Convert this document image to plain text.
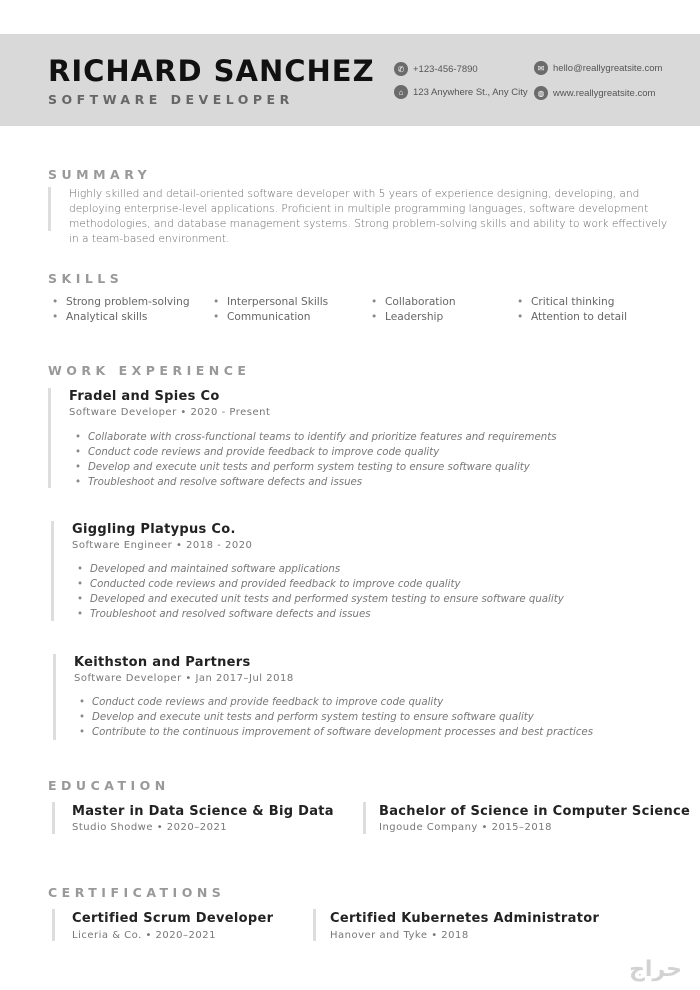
RICHARD SANCHEZ
SOFTWARE DEVELOPER
✆ +123-456-7890
⌂	123 Anywhere St., Any City
✉ hello@reallygreatsite.com
◍ www.reallygreatsite.com
SUMMARY
Highly skilled and detail-oriented software developer with 5 years of experience designing, developing, and deploying enterprise-level applications. Proficient in multiple programming languages, software development methodologies, and database management systems. Strong problem-solving skills and ability to work effectively in a team-based environment.
SKILLS
• Strong problem-solving
• Analytical skills
• Interpersonal Skills
• Communication
• Collaboration
• Leadership
• Critical thinking
• Attention to detail
WORK EXPERIENCE
Fradel and Spies Co
Software Developer • 2020 - Present
• Collaborate with cross-functional teams to identify and prioritize features and requirements
• Conduct code reviews and provide feedback to improve code quality
• Develop and execute unit tests and perform system testing to ensure software quality
• Troubleshoot and resolve software defects and issues
Giggling Platypus Co.
Software Engineer • 2018 - 2020
• Developed and maintained software applications
• Conducted code reviews and provided feedback to improve code quality
• Developed and executed unit tests and performed system testing to ensure software quality
• Troubleshoot and resolved software defects and issues
Keithston and Partners
Software Developer • Jan 2017–Jul 2018
• Conduct code reviews and provide feedback to improve code quality
• Develop and execute unit tests and perform system testing to ensure software quality
• Contribute to the continuous improvement of software development processes and best practices
EDUCATION
Master in Data Science & Big Data
Studio Shodwe • 2020–2021
Bachelor of Science in Computer Science
Ingoude Company • 2015–2018
CERTIFICATIONS
Certified Scrum Developer
Liceria & Co. • 2020–2021
Certified Kubernetes Administrator
Hanover and Tyke • 2018
حراج
